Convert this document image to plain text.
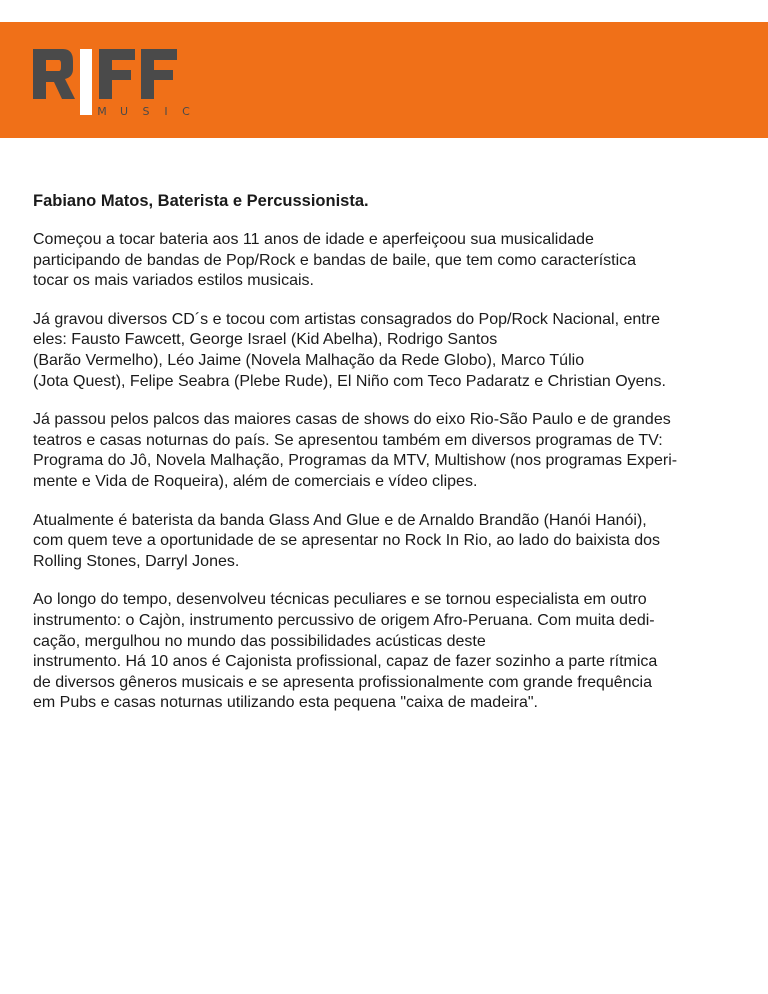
M U S I C
Fabiano Matos, Baterista e Percussionista.

Começou a tocar bateria aos 11 anos de idade e aperfeiçoou sua musicalidade
participando de bandas de Pop/Rock e bandas de baile, que tem como característica
tocar os mais variados estilos musicais.

Já gravou diversos CD´s e tocou com artistas consagrados do Pop/Rock Nacional, entre
eles: Fausto Fawcett, George Israel (Kid Abelha), Rodrigo Santos
(Barão Vermelho), Léo Jaime (Novela Malhação da Rede Globo), Marco Túlio
(Jota Quest), Felipe Seabra (Plebe Rude), El Niño com Teco Padaratz e Christian Oyens.

Já passou pelos palcos das maiores casas de shows do eixo Rio-São Paulo e de grandes
teatros e casas noturnas do país. Se apresentou também em diversos programas de TV:
Programa do Jô, Novela Malhação, Programas da MTV, Multishow (nos programas Experi-
mente e Vida de Roqueira), além de comerciais e vídeo clipes.

Atualmente é baterista da banda Glass And Glue e de Arnaldo Brandão (Hanói Hanói),
com quem teve a oportunidade de se apresentar no Rock In Rio, ao lado do baixista dos
Rolling Stones, Darryl Jones.

Ao longo do tempo, desenvolveu técnicas peculiares e se tornou especialista em outro
instrumento: o Cajòn, instrumento percussivo de origem Afro-Peruana. Com muita dedi-
cação, mergulhou no mundo das possibilidades acústicas deste
instrumento. Há 10 anos é Cajonista profissional, capaz de fazer sozinho a parte rítmica
de diversos gêneros musicais e se apresenta profissionalmente com grande frequência
em Pubs e casas noturnas utilizando esta pequena "caixa de madeira".
